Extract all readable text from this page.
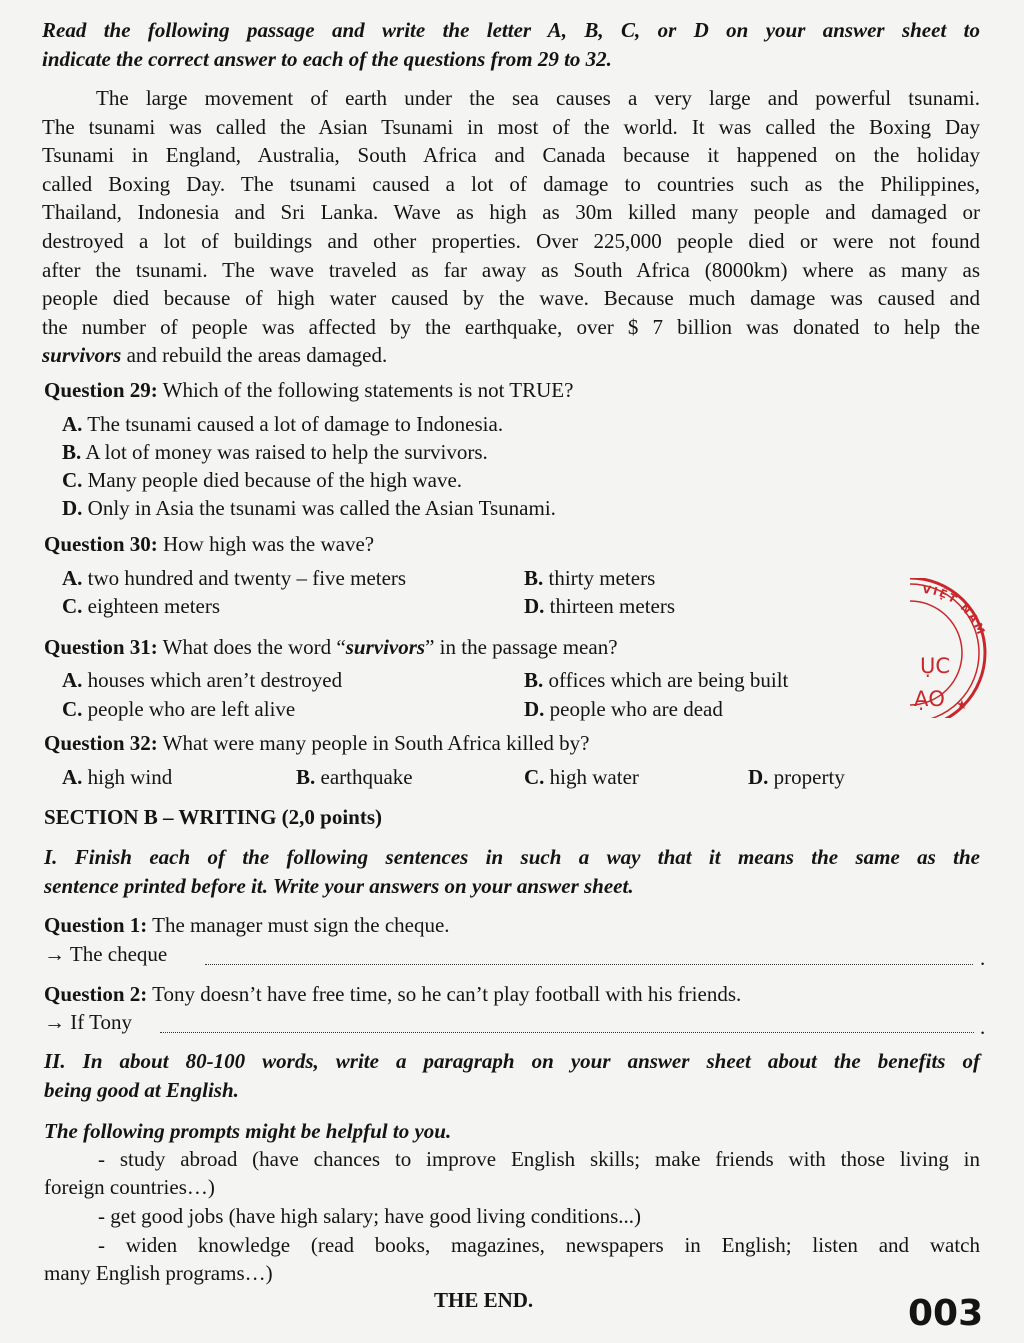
Read the following passage and write the letter A, B, C, or D on your answer sheet to
indicate the correct answer to each of the questions from 29 to 32.
The large movement of earth under the sea causes a very large and powerful tsunami.
The tsunami was called the Asian Tsunami in most of the world. It was called the Boxing Day
Tsunami in England, Australia, South Africa and Canada because it happened on the holiday
called Boxing Day. The tsunami caused a lot of damage to countries such as the Philippines,
Thailand, Indonesia and Sri Lanka. Wave as high as 30m killed many people and damaged or
destroyed a lot of buildings and other properties. Over 225,000 people died or were not found
after the tsunami. The wave traveled as far away as South Africa (8000km) where as many as
people died because of high water caused by the wave. Because much damage was caused and
the number of people was affected by the earthquake, over $ 7 billion was donated to help the
survivors and rebuild the areas damaged.
Question 29: Which of the following statements is not TRUE?
A. The tsunami caused a lot of damage to Indonesia.
B. A lot of money was raised to help the survivors.
C. Many people died because of the high wave.
D. Only in Asia the tsunami was called the Asian Tsunami.
Question 30: How high was the wave?
A. two hundred and twenty – five meters	B. thirty meters
C. eighteen meters	D. thirteen meters
Question 31: What does the word “survivors” in the passage mean?
A. houses which aren’t destroyed	B. offices which are being built
C. people who are left alive	D. people who are dead
Question 32: What were many people in South Africa killed by?
A. high wind	B. earthquake	C. high water	D. property
SECTION B – WRITING (2,0 points)
I. Finish each of the following sentences in such a way that it means the same as the
sentence printed before it. Write your answers on your answer sheet.
Question 1: The manager must sign the cheque.
→ The cheque	.
Question 2: Tony doesn’t have free time, so he can’t play football with his friends.
→ If Tony	.
II. In about 80-100 words, write a paragraph on your answer sheet about the benefits of
being good at English.
The following prompts might be helpful to you.
- study abroad (have chances to improve English skills; make friends with those living in
foreign countries…)
- get good jobs (have high salary; have good living conditions...)
- widen knowledge (read books, magazines, newspapers in English; listen and watch
many English programs…)
THE END.	003
VIỆT NAM
★
ỤC
ẠO
